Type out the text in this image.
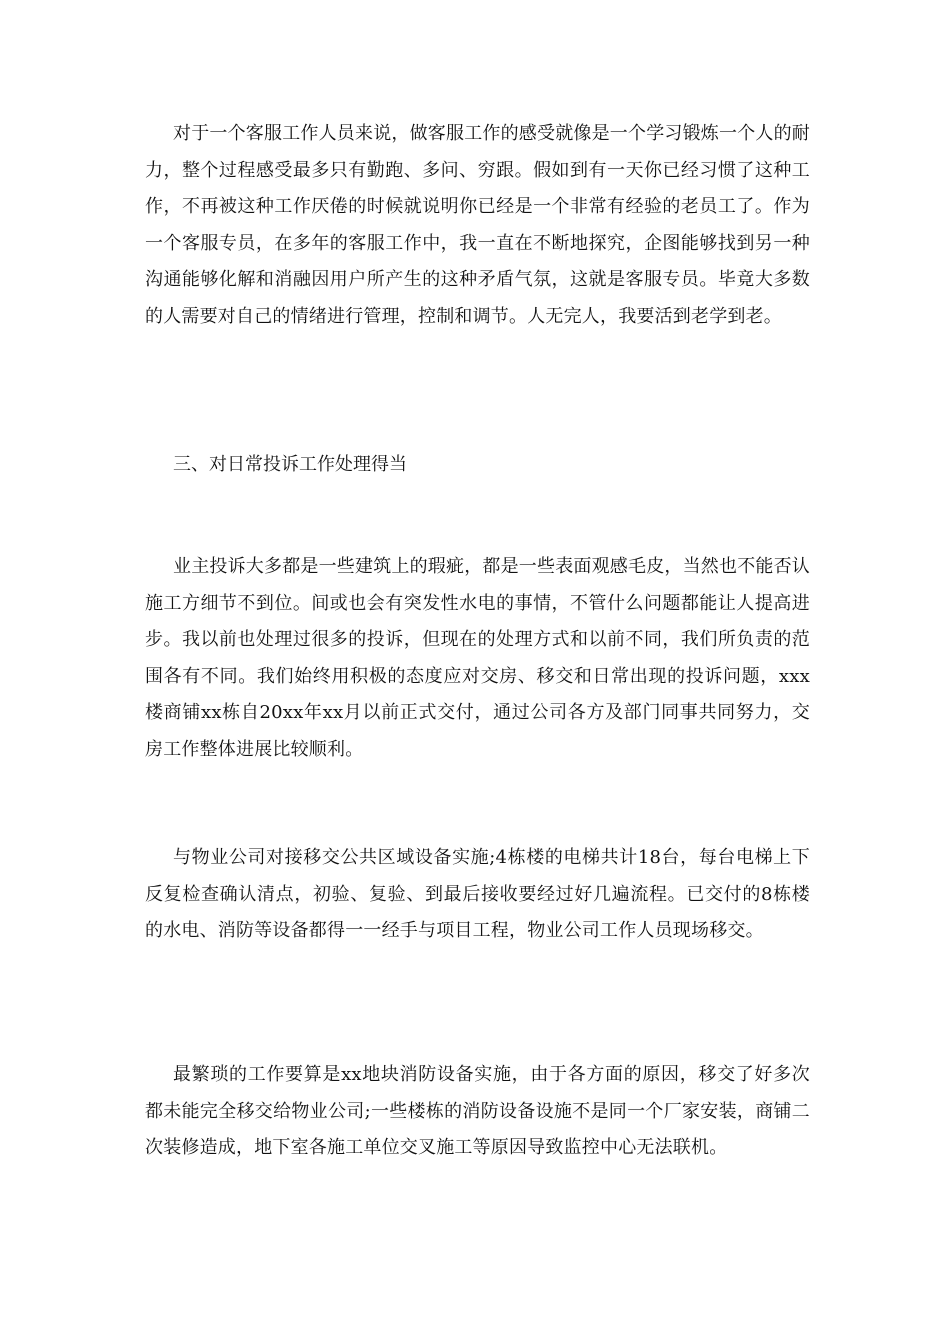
对于一个客服工作人员来说，做客服工作的感受就像是一个学习锻炼一个人的耐力，整个过程感受最多只有勤跑、多问、穷跟。假如到有一天你已经习惯了这种工作，不再被这种工作厌倦的时候就说明你已经是一个非常有经验的老员工了。作为一个客服专员，在多年的客服工作中，我一直在不断地探究，企图能够找到另一种沟通能够化解和消融因用户所产生的这种矛盾气氛，这就是客服专员。毕竟大多数的人需要对自己的情绪进行管理，控制和调节。人无完人，我要活到老学到老。

三、对日常投诉工作处理得当

业主投诉大多都是一些建筑上的瑕疵，都是一些表面观感毛皮，当然也不能否认施工方细节不到位。间或也会有突发性水电的事情，不管什么问题都能让人提高进步。我以前也处理过很多的投诉，但现在的处理方式和以前不同，我们所负责的范围各有不同。我们始终用积极的态度应对交房、移交和日常出现的投诉问题，xxx楼商铺xx栋自20xx年xx月以前正式交付，通过公司各方及部门同事共同努力，交房工作整体进展比较顺利。

与物业公司对接移交公共区域设备实施;4栋楼的电梯共计18台，每台电梯上下反复检查确认清点，初验、复验、到最后接收要经过好几遍流程。已交付的8栋楼的水电、消防等设备都得一一经手与项目工程，物业公司工作人员现场移交。

最繁琐的工作要算是xx地块消防设备实施，由于各方面的原因，移交了好多次都未能完全移交给物业公司;一些楼栋的消防设备设施不是同一个厂家安装，商铺二次装修造成，地下室各施工单位交叉施工等原因导致监控中心无法联机。
